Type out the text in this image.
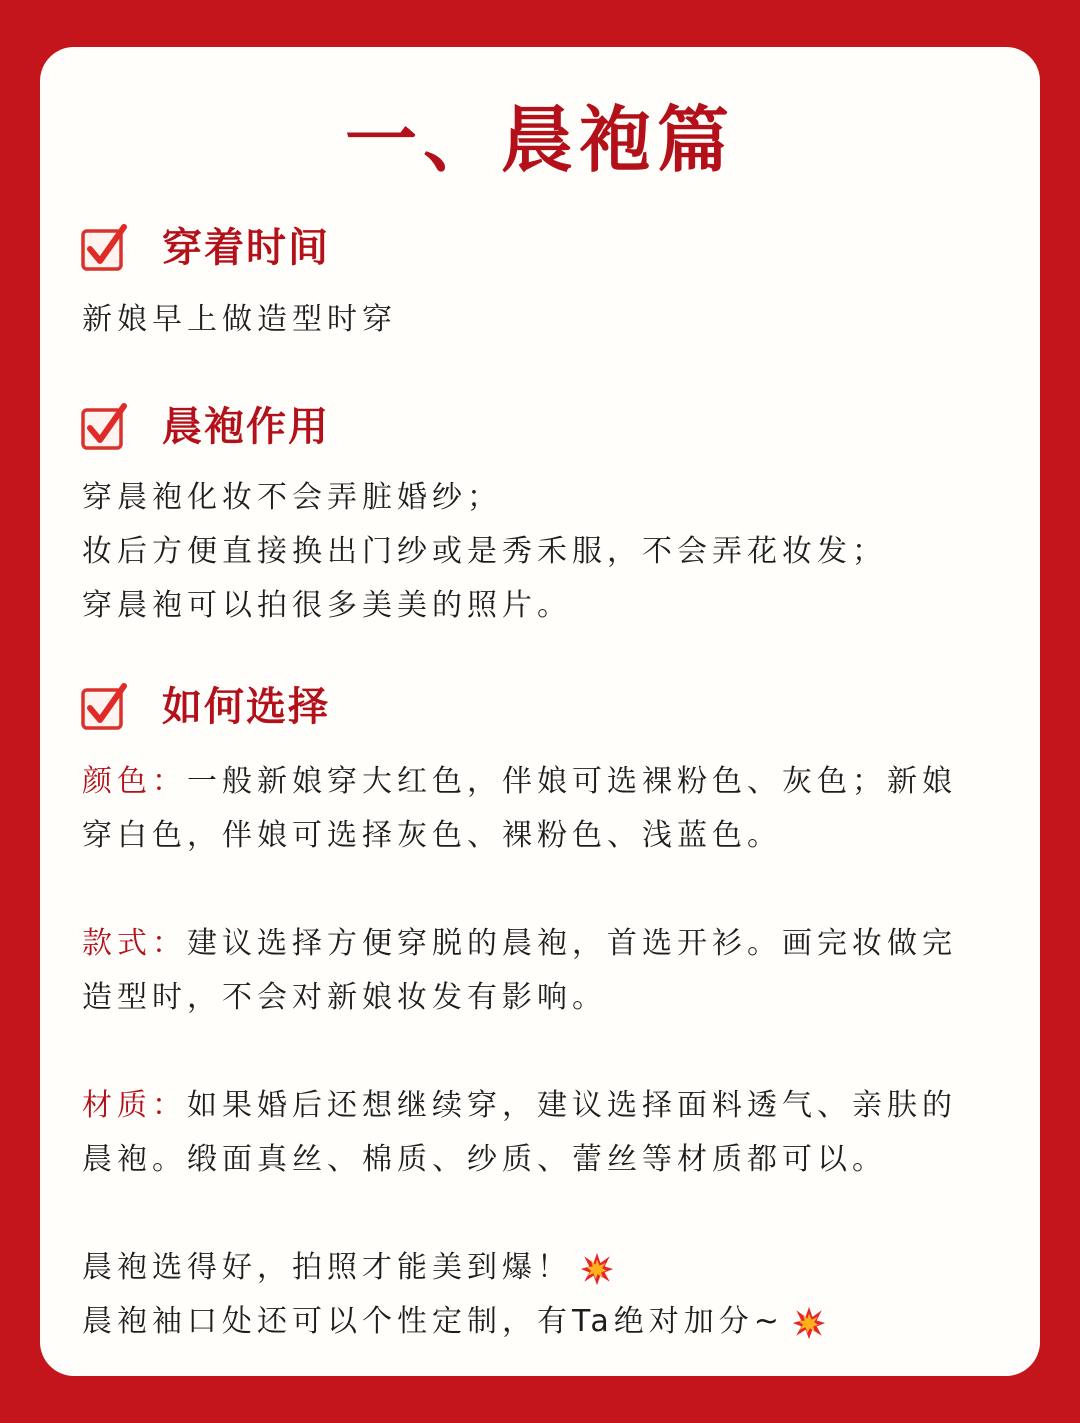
一、晨袍篇
穿着时间
新娘早上做造型时穿
晨袍作用
穿晨袍化妆不会弄脏婚纱；
妆后方便直接换出门纱或是秀禾服，不会弄花妆发；
穿晨袍可以拍很多美美的照片。
如何选择
颜色：一般新娘穿大红色，伴娘可选裸粉色、灰色；新娘
穿白色，伴娘可选择灰色、裸粉色、浅蓝色。
款式：建议选择方便穿脱的晨袍，首选开衫。画完妆做完
造型时，不会对新娘妆发有影响。
材质：如果婚后还想继续穿，建议选择面料透气、亲肤的
晨袍。缎面真丝、棉质、纱质、蕾丝等材质都可以。
晨袍选得好，拍照才能美到爆！
晨袍袖口处还可以个性定制，有Ta绝对加分~
